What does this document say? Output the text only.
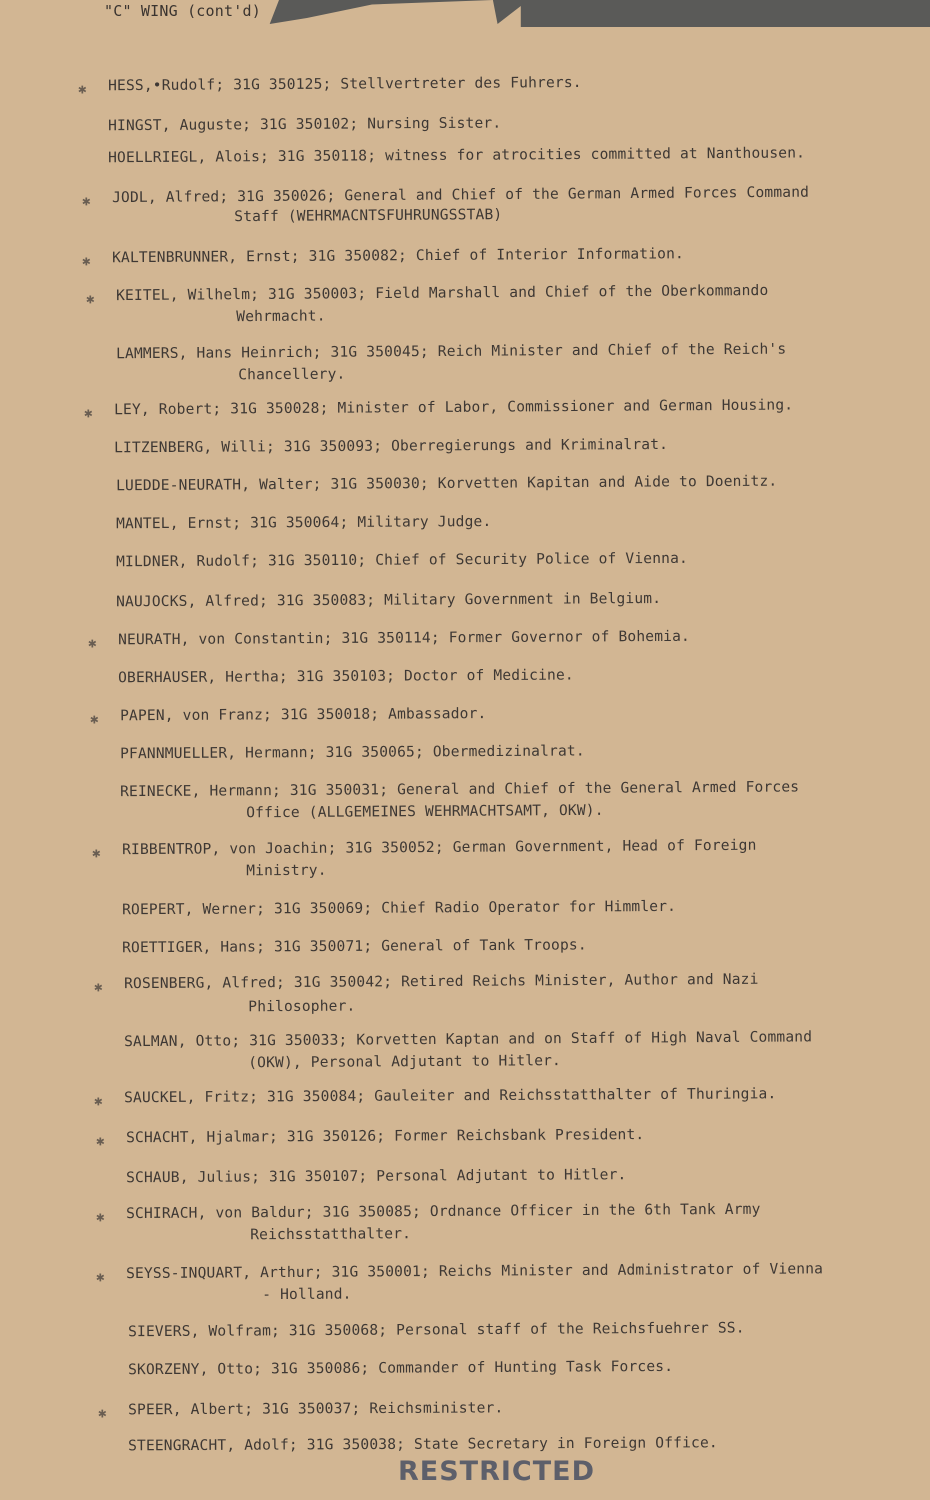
"C" WING (cont'd)
✱ HESS,•Rudolf; 31G 350125; Stellvertreter des Fuhrers.
HINGST, Auguste; 31G 350102; Nursing Sister.
HOELLRIEGL, Alois; 31G 350118; witness for atrocities committed at Nanthousen.
✱ JODL, Alfred; 31G 350026; General and Chief of the German Armed Forces Command
Staff (WEHRMACNTSFUHRUNGSSTAB)
✱ KALTENBRUNNER, Ernst; 31G 350082; Chief of Interior Information.
✱ KEITEL, Wilhelm; 31G 350003; Field Marshall and Chief of the Oberkommando
Wehrmacht.
LAMMERS, Hans Heinrich; 31G 350045; Reich Minister and Chief of the Reich's
Chancellery.
✱ LEY, Robert; 31G 350028; Minister of Labor, Commissioner and German Housing.
LITZENBERG, Willi; 31G 350093; Oberregierungs and Kriminalrat.
LUEDDE-NEURATH, Walter; 31G 350030; Korvetten Kapitan and Aide to Doenitz.
MANTEL, Ernst; 31G 350064; Military Judge.
MILDNER, Rudolf; 31G 350110; Chief of Security Police of Vienna.
NAUJOCKS, Alfred; 31G 350083; Military Government in Belgium.
✱ NEURATH, von Constantin; 31G 350114; Former Governor of Bohemia.
OBERHAUSER, Hertha; 31G 350103; Doctor of Medicine.
✱ PAPEN, von Franz; 31G 350018; Ambassador.
PFANNMUELLER, Hermann; 31G 350065; Obermedizinalrat.
REINECKE, Hermann; 31G 350031; General and Chief of the General Armed Forces
Office (ALLGEMEINES WEHRMACHTSAMT, OKW).
✱ RIBBENTROP, von Joachin; 31G 350052; German Government, Head of Foreign
Ministry.
ROEPERT, Werner; 31G 350069; Chief Radio Operator for Himmler.
ROETTIGER, Hans; 31G 350071; General of Tank Troops.
✱ ROSENBERG, Alfred; 31G 350042; Retired Reichs Minister, Author and Nazi
Philosopher.
SALMAN, Otto; 31G 350033; Korvetten Kaptan and on Staff of High Naval Command
(OKW), Personal Adjutant to Hitler.
✱ SAUCKEL, Fritz; 31G 350084; Gauleiter and Reichsstatthalter of Thuringia.
✱ SCHACHT, Hjalmar; 31G 350126; Former Reichsbank President.
SCHAUB, Julius; 31G 350107; Personal Adjutant to Hitler.
✱ SCHIRACH, von Baldur; 31G 350085; Ordnance Officer in the 6th Tank Army
Reichsstatthalter.
✱ SEYSS-INQUART, Arthur; 31G 350001; Reichs Minister and Administrator of Vienna
- Holland.
SIEVERS, Wolfram; 31G 350068; Personal staff of the Reichsfuehrer SS.
SKORZENY, Otto; 31G 350086; Commander of Hunting Task Forces.
✱ SPEER, Albert; 31G 350037; Reichsminister.
STEENGRACHT, Adolf; 31G 350038; State Secretary in Foreign Office.
RESTRICTED
